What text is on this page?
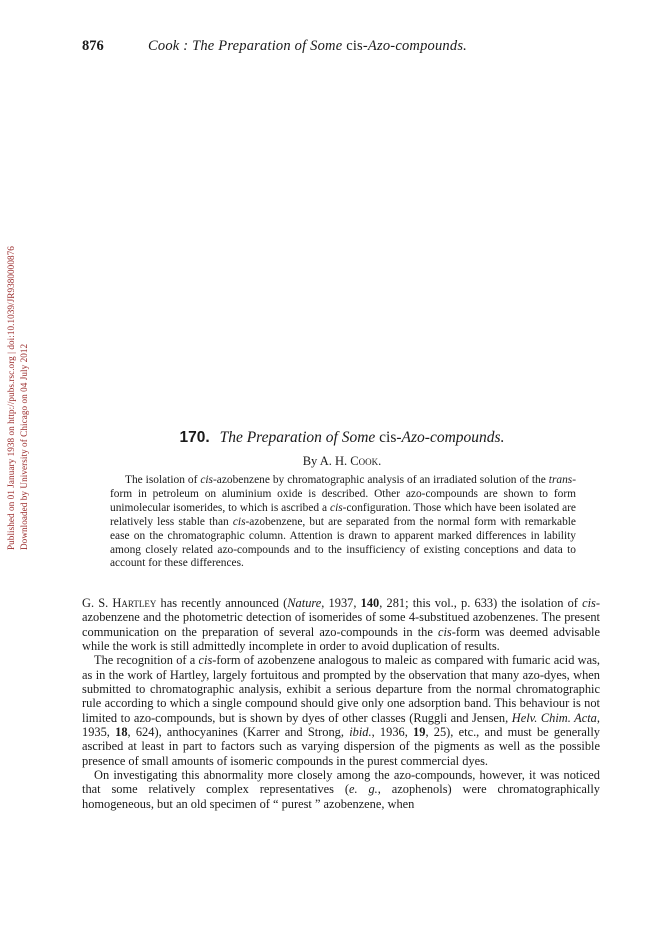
876	Cook : The Preparation of Some cis-Azo-compounds.
Published on 01 January 1938 on http://pubs.rsc.org | doi:10.1039/JR9380000876 Downloaded by University of Chicago on 04 July 2012	170. The Preparation of Some cis-Azo-compounds.
By A. H. Cook.

The isolation of cis-azobenzene by chromatographic analysis of an irradiated solution of the trans-form in petroleum on aluminium oxide is described. Other azo-compounds are shown to form unimolecular isomerides, to which is ascribed a cis-configuration. Those which have been isolated are relatively less stable than cis-azobenzene, but are separated from the normal form with remarkable ease on the chromatographic column. Attention is drawn to apparent marked differences in lability among closely related azo-compounds and to the insufficiency of existing conceptions and data to account for these differences.

G. S. Hartley has recently announced (Nature, 1937, 140, 281; this vol., p. 633) the isolation of cis-azobenzene and the photometric detection of isomerides of some 4-substitued azobenzenes. The present communication on the preparation of several azo-compounds in the cis-form was deemed advisable while the work is still admittedly incomplete in order to avoid duplication of results.

The recognition of a cis-form of azobenzene analogous to maleic as compared with fumaric acid was, as in the work of Hartley, largely fortuitous and prompted by the observation that many azo-dyes, when submitted to chromatographic analysis, exhibit a serious departure from the normal chromatographic rule according to which a single compound should give only one adsorption band. This behaviour is not limited to azo-compounds, but is shown by dyes of other classes (Ruggli and Jensen, Helv. Chim. Acta, 1935, 18, 624), anthocyanines (Karrer and Strong, ibid., 1936, 19, 25), etc., and must be generally ascribed at least in part to factors such as varying dispersion of the pigments as well as the possible presence of small amounts of isomeric compounds in the purest commercial dyes.

On investigating this abnormality more closely among the azo-compounds, however, it was noticed that some relatively complex representatives (e. g., azophenols) were chromatographically homogeneous, but an old specimen of “ purest ” azobenzene, when
